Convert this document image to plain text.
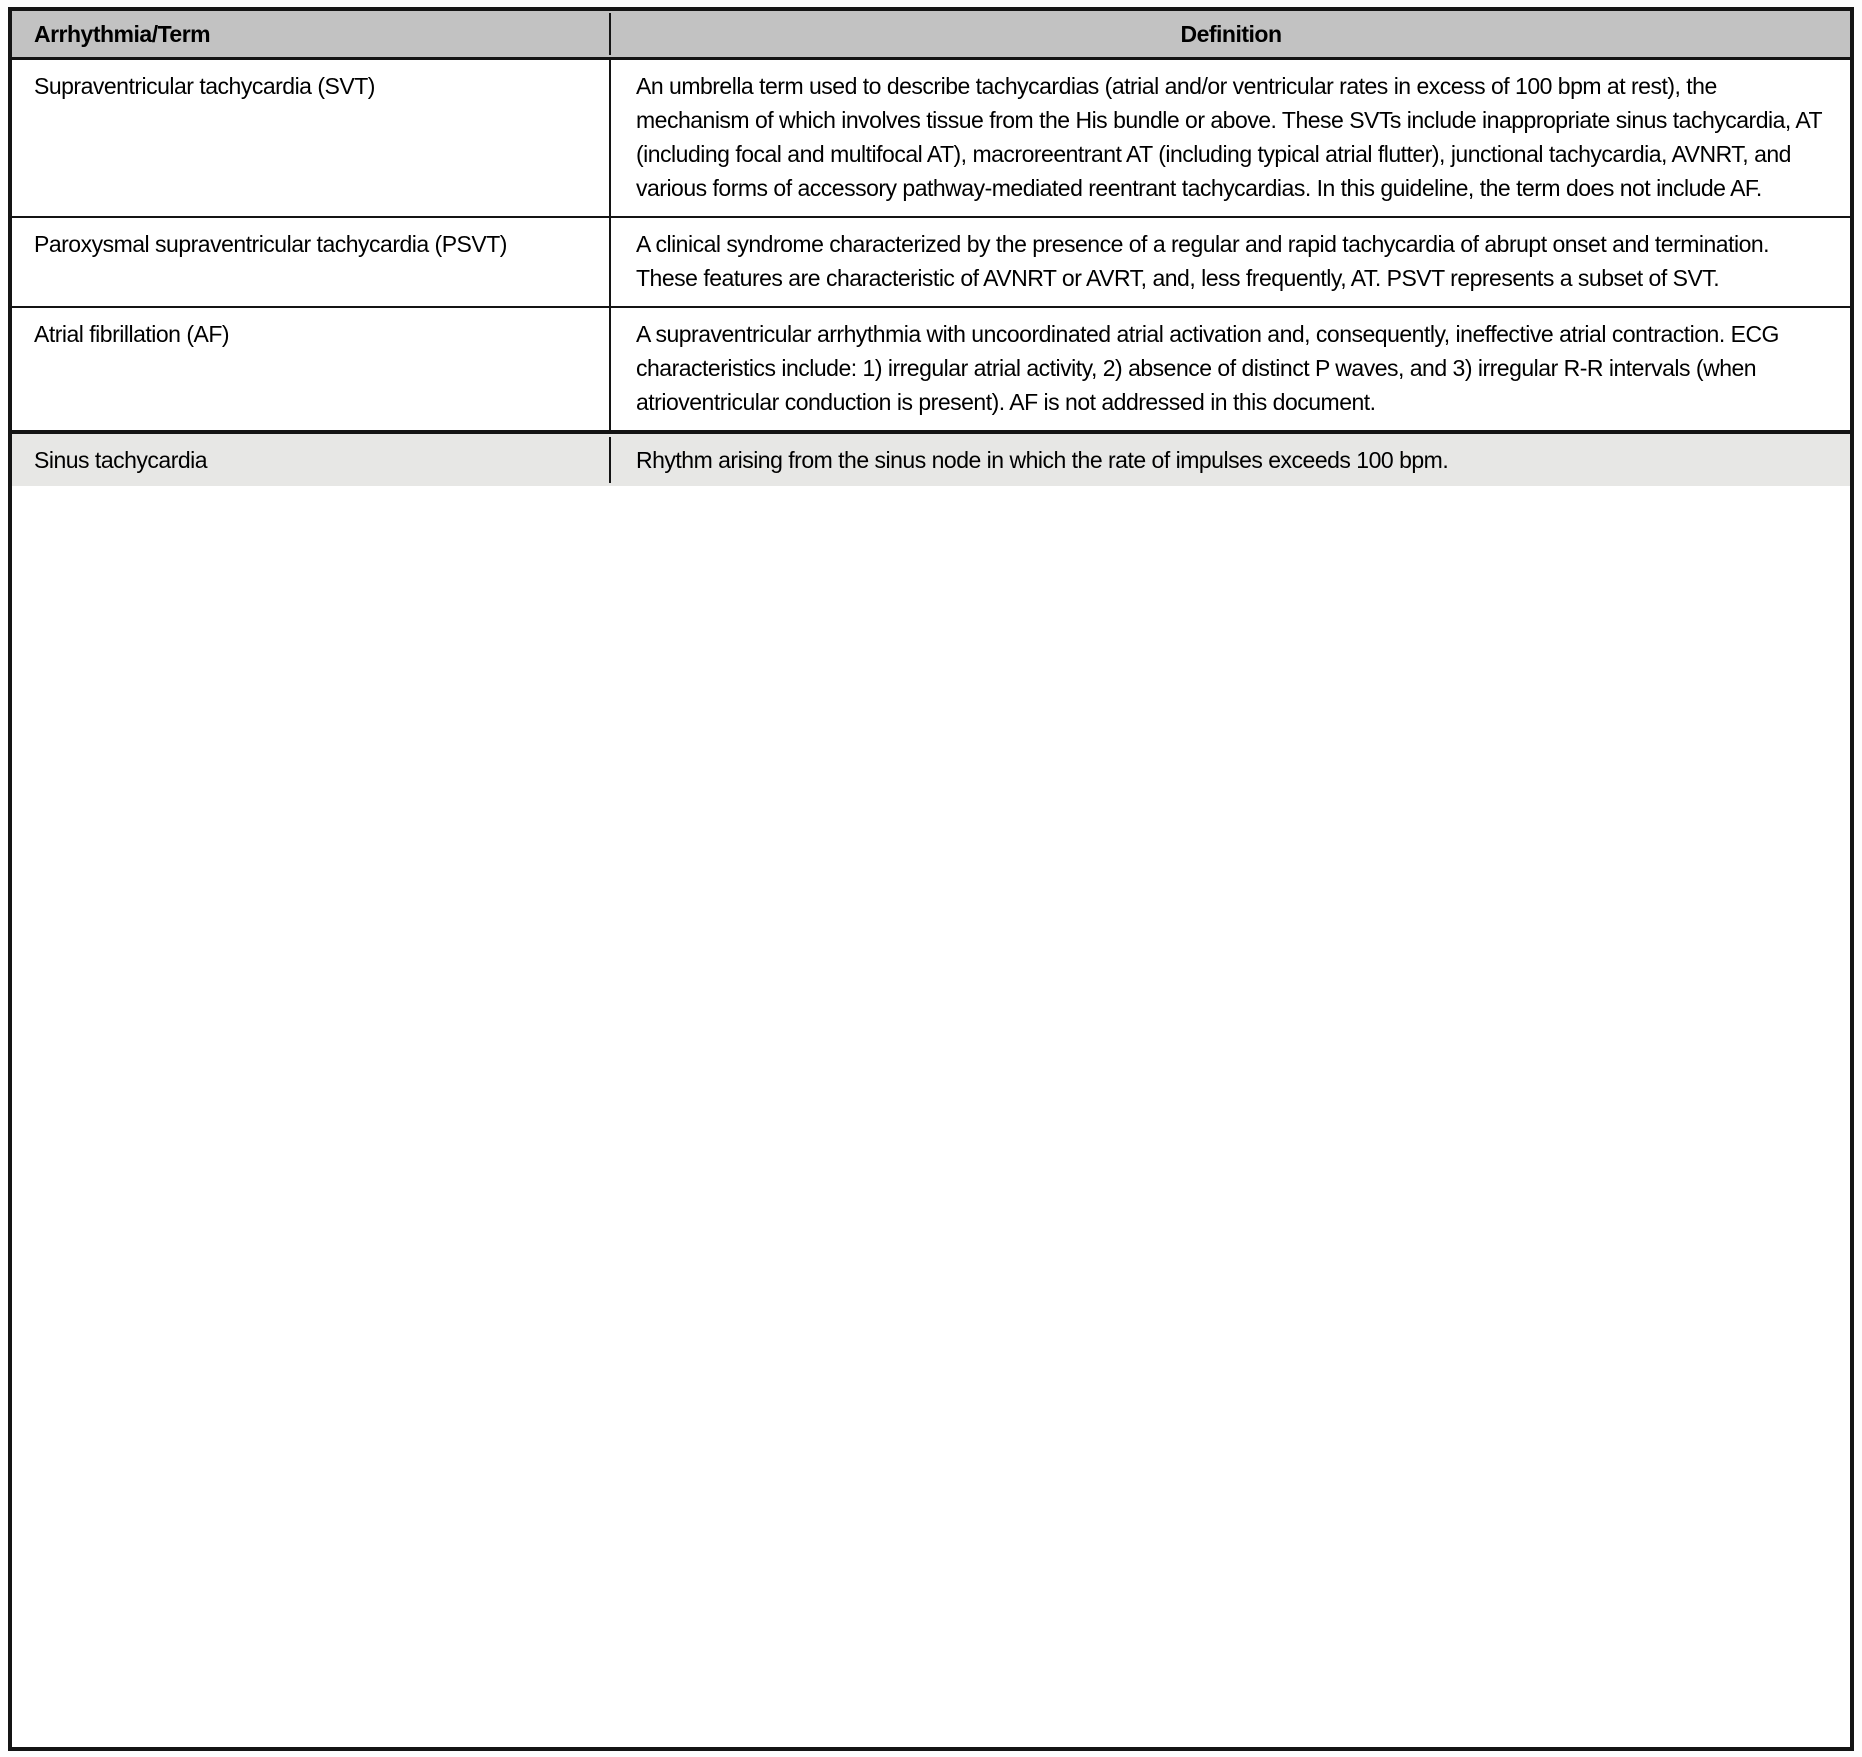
Arrhythmia/Term	Definition
Supraventricular tachycardia (SVT)	An umbrella term used to describe tachycardias (atrial and/or ventricular rates in excess of 100 bpm at rest), the mechanism of which involves tissue from the His bundle or above. These SVTs include inappropriate sinus tachycardia, AT (including focal and multifocal AT), macroreentrant AT (including typical atrial flutter), junctional tachycardia, AVNRT, and various forms of accessory pathway-mediated reentrant tachycardias. In this guideline, the term does not include AF.
Paroxysmal supraventricular tachycardia (PSVT)	A clinical syndrome characterized by the presence of a regular and rapid tachycardia of abrupt onset and termination. These features are characteristic of AVNRT or AVRT, and, less frequently, AT. PSVT represents a subset of SVT.
Atrial fibrillation (AF)	A supraventricular arrhythmia with uncoordinated atrial activation and, consequently, ineffective atrial contraction. ECG characteristics include: 1) irregular atrial activity, 2) absence of distinct P waves, and 3) irregular R-R intervals (when atrioventricular conduction is present). AF is not addressed in this document.
Sinus tachycardia	Rhythm arising from the sinus node in which the rate of impulses exceeds 100 bpm.
